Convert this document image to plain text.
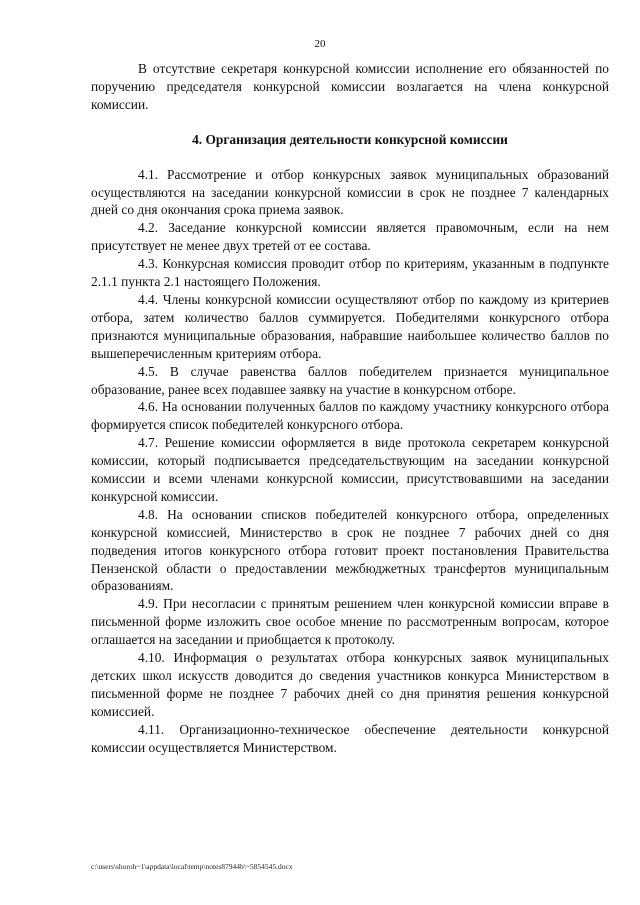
20

В отсутствие секретаря конкурсной комиссии исполнение его обязанностей по поручению председателя конкурсной комиссии возлагается на члена конкурсной комиссии.

4. Организация деятельности конкурсной комиссии

4.1. Рассмотрение и отбор конкурсных заявок муниципальных образований осуществляются на заседании конкурсной комиссии в срок не позднее 7 календарных дней со дня окончания срока приема заявок.

4.2. Заседание конкурсной комиссии является правомочным, если на нем присутствует не менее двух третей от ее состава.

4.3. Конкурсная комиссия проводит отбор по критериям, указанным в подпункте 2.1.1 пункта 2.1 настоящего Положения.

4.4. Члены конкурсной комиссии осуществляют отбор по каждому из критериев отбора, затем количество баллов суммируется. Победителями конкурсного отбора признаются муниципальные образования, набравшие наибольшее количество баллов по вышеперечисленным критериям отбора.

4.5. В случае равенства баллов победителем признается муниципальное образование, ранее всех подавшее заявку на участие в конкурсном отборе.

4.6. На основании полученных баллов по каждому участнику конкурсного отбора формируется список победителей конкурсного отбора.

4.7. Решение комиссии оформляется в виде протокола секретарем конкурсной комиссии, который подписывается председательствующим на заседании конкурсной комиссии и всеми членами конкурсной комиссии, присутствовавшими на заседании конкурсной комиссии.

4.8. На основании списков победителей конкурсного отбора, определенных конкурсной комиссией, Министерство в срок не позднее 7 рабочих дней со дня подведения итогов конкурсного отбора готовит проект постановления Правительства Пензенской области о предоставлении межбюджетных трансфертов муниципальным образованиям.

4.9. При несогласии с принятым решением член конкурсной комиссии вправе в письменной форме изложить свое особое мнение по рассмотренным вопросам, которое оглашается на заседании и приобщается к протоколу.

4.10. Информация о результатах отбора конкурсных заявок муниципальных детских школ искусств доводится до сведения участников конкурса Министерством в письменной форме не позднее 7 рабочих дней со дня принятия решения конкурсной комиссией.

4.11. Организационно-техническое обеспечение деятельности конкурсной комиссии осуществляется Министерством.

c:\users\shoroh~1\appdata\local\temp\notes87944b\~5854545.docx
